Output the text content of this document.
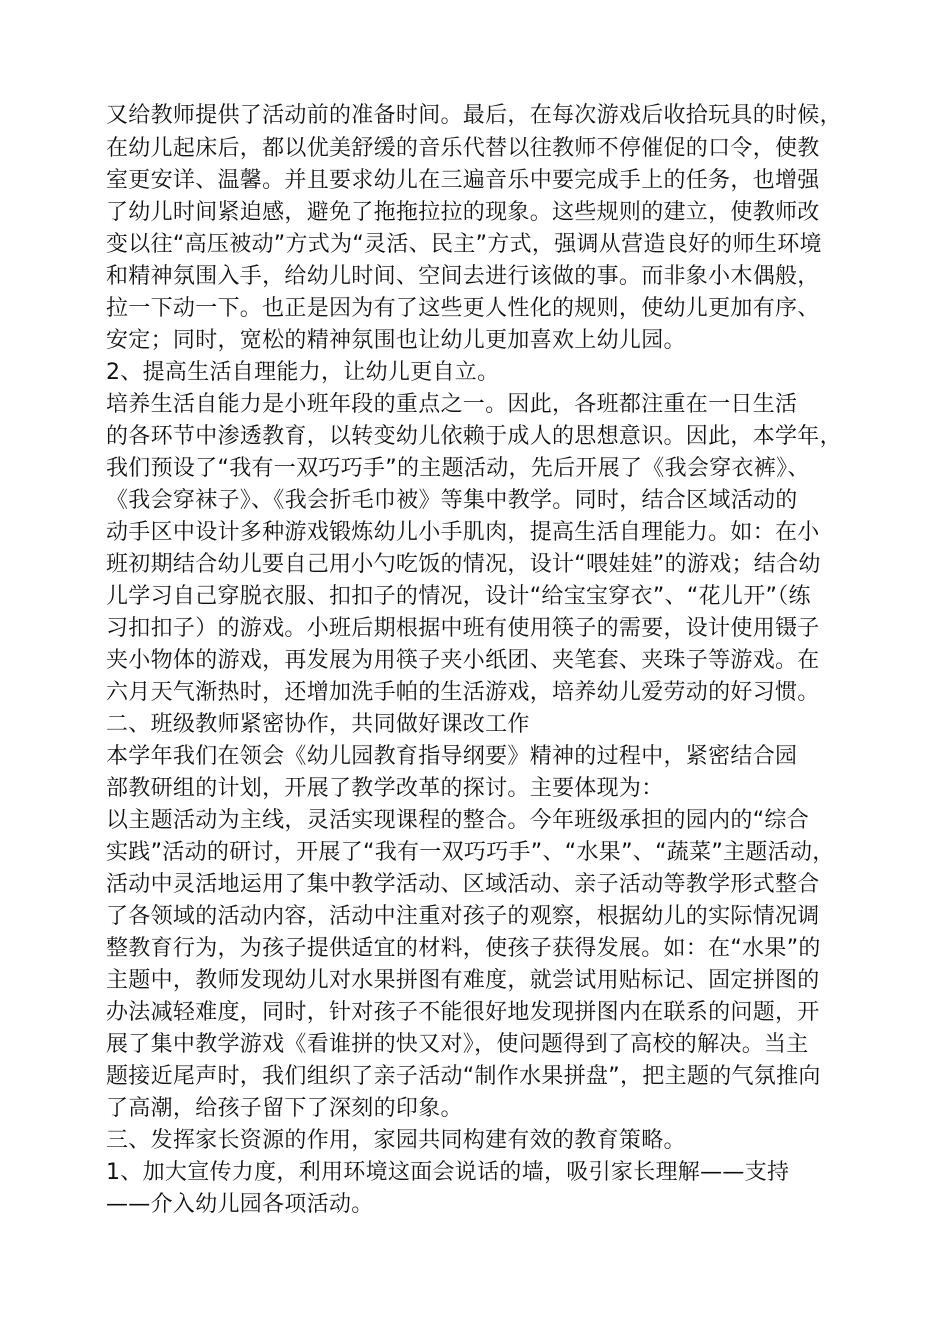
又给教师提供了活动前的准备时间。最后，在每次游戏后收拾玩具的时候，
在幼儿起床后，都以优美舒缓的音乐代替以往教师不停催促的口令，使教
室更安详、温馨。并且要求幼儿在三遍音乐中要完成手上的任务，也增强
了幼儿时间紧迫感，避免了拖拖拉拉的现象。这些规则的建立，使教师改
变以往“高压被动”方式为“灵活、民主”方式，强调从营造良好的师生环境
和精神氛围入手，给幼儿时间、空间去进行该做的事。而非象小木偶般，
拉一下动一下。也正是因为有了这些更人性化的规则，使幼儿更加有序、
安定；同时，宽松的精神氛围也让幼儿更加喜欢上幼儿园。
2、提高生活自理能力，让幼儿更自立。
培养生活自能力是小班年段的重点之一。因此，各班都注重在一日生活
的各环节中渗透教育，以转变幼儿依赖于成人的思想意识。因此，本学年，
我们预设了“我有一双巧巧手”的主题活动，先后开展了《我会穿衣裤》、
《我会穿袜子》、《我会折毛巾被》等集中教学。同时，结合区域活动的
动手区中设计多种游戏锻炼幼儿小手肌肉，提高生活自理能力。如：在小
班初期结合幼儿要自己用小勺吃饭的情况，设计“喂娃娃”的游戏；结合幼
儿学习自己穿脱衣服、扣扣子的情况，设计“给宝宝穿衣”、“花儿开”（练
习扣扣子）的游戏。小班后期根据中班有使用筷子的需要，设计使用镊子
夹小物体的游戏，再发展为用筷子夹小纸团、夹笔套、夹珠子等游戏。在
六月天气渐热时，还增加洗手帕的生活游戏，培养幼儿爱劳动的好习惯。
二、班级教师紧密协作，共同做好课改工作
本学年我们在领会《幼儿园教育指导纲要》精神的过程中，紧密结合园
部教研组的计划，开展了教学改革的探讨。主要体现为：
以主题活动为主线，灵活实现课程的整合。今年班级承担的园内的“综合
实践”活动的研讨，开展了“我有一双巧巧手”、“水果”、“蔬菜”主题活动，
活动中灵活地运用了集中教学活动、区域活动、亲子活动等教学形式整合
了各领域的活动内容，活动中注重对孩子的观察，根据幼儿的实际情况调
整教育行为，为孩子提供适宜的材料，使孩子获得发展。如：在“水果”的
主题中，教师发现幼儿对水果拼图有难度，就尝试用贴标记、固定拼图的
办法减轻难度，同时，针对孩子不能很好地发现拼图内在联系的问题，开
展了集中教学游戏《看谁拼的快又对》，使问题得到了高校的解决。当主
题接近尾声时，我们组织了亲子活动“制作水果拼盘”，把主题的气氛推向
了高潮，给孩子留下了深刻的印象。
三、发挥家长资源的作用，家园共同构建有效的教育策略。
1、加大宣传力度，利用环境这面会说话的墙，吸引家长理解——支持
——介入幼儿园各项活动。
